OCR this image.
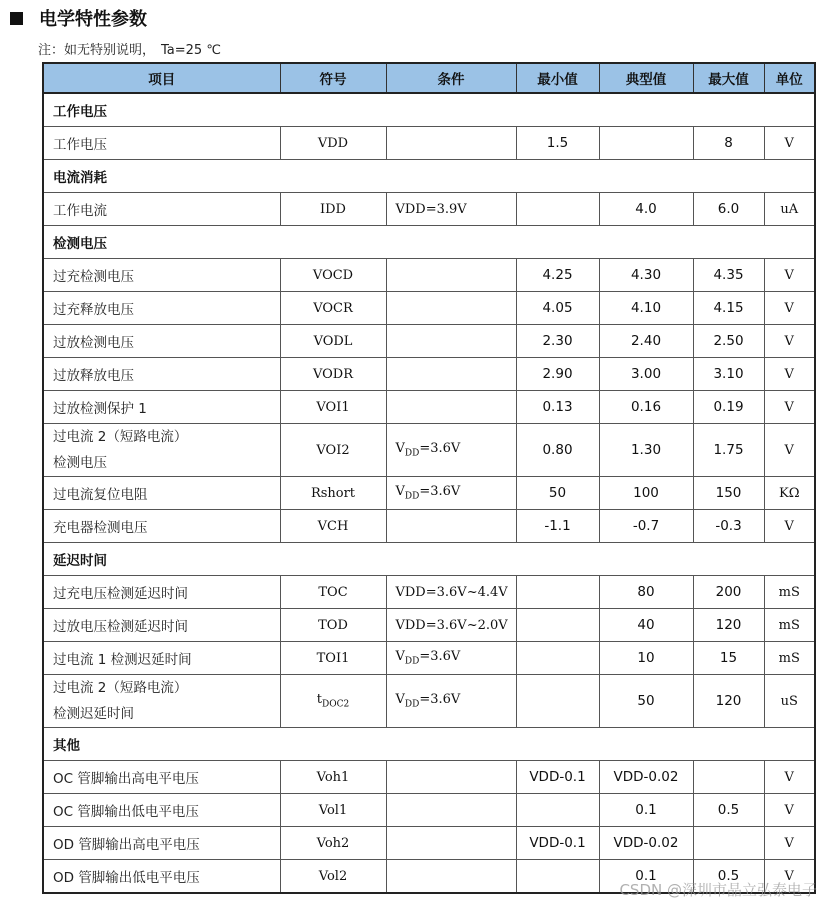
电学特性参数
注：如无特别说明， Ta=25 ℃
项目	符号	条件	最小值	典型值	最大值	单位
工作电压						
工作电压	VDD		1.5		8	V
电流消耗						
工作电流	IDD	VDD=3.9V		4.0	6.0	uA
检测电压						
过充检测电压	VOCD		4.25	4.30	4.35	V
过充释放电压	VOCR		4.05	4.10	4.15	V
过放检测电压	VODL		2.30	2.40	2.50	V
过放释放电压	VODR		2.90	3.00	3.10	V
过放检测保护 1	VOI1		0.13	0.16	0.19	V

过电流 2（短路电流）
检测电压	VOI2	$V_{DD}=3.6V$	0.80	1.30	1.75	V
过电流复位电阻	Rshort	$V_{DD}=3.6V$	50	100	150	KΩ
充电器检测电压	VCH		-1.1	-0.7	-0.3	V
延迟时间						
过充电压检测延迟时间	TOC	VDD=3.6V~4.4V		80	200	mS
过放电压检测延迟时间	TOD	VDD=3.6V~2.0V		40	120	mS
过电流 1 检测迟延时间	TOI1	$V_{DD}=3.6V$		10	15	mS

过电流 2（短路电流）
检测迟延时间	$t_{DOC2}$	$V_{DD}=3.6V$		50	120	uS
其他						
OC 管脚输出高电平电压	Voh1		VDD-0.1	VDD-0.02		V
OC 管脚输出低电平电压	Vol1			0.1	0.5	V
OD 管脚输出高电平电压	Voh2		VDD-0.1	VDD-0.02		V
OD 管脚输出低电平电压	Vol2			0.1	0.5	V
CSDN @深圳市晶立弘泰电子
